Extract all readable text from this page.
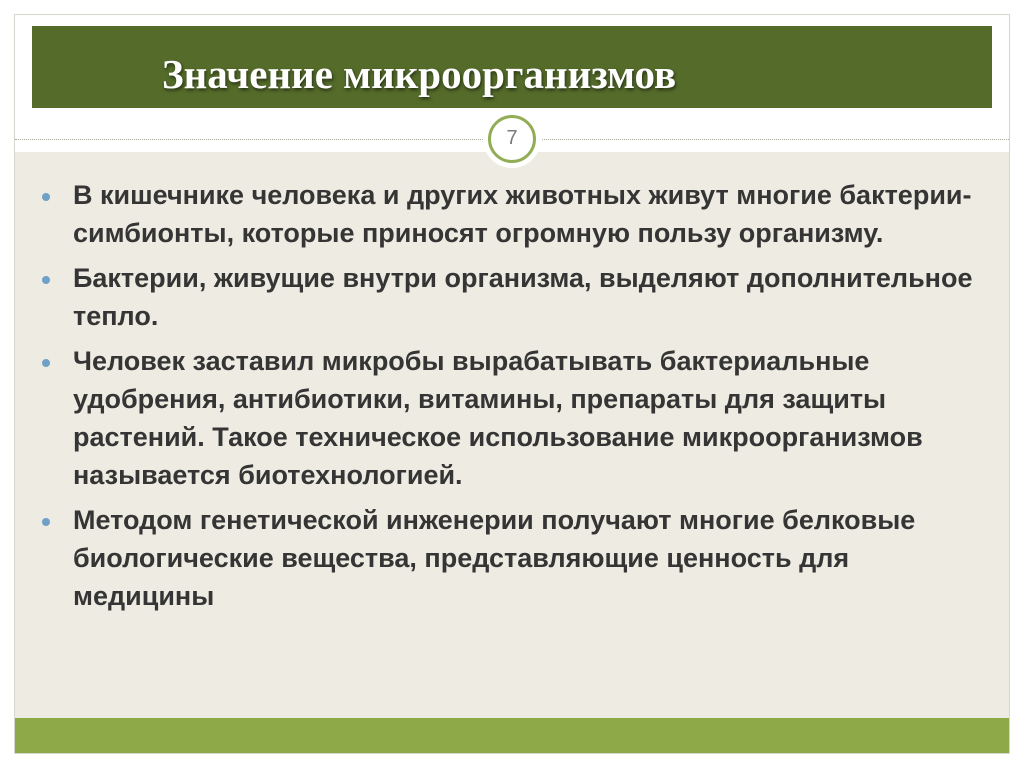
Значение микроорганизмов
7
В кишечнике человека и других животных живут многие бактерии-симбионты, которые приносят огромную пользу организму.
Бактерии, живущие внутри организма, выделяют дополнительное тепло.
Человек заставил микробы вырабатывать бактериальные удобрения, антибиотики, витамины, препараты для защиты растений. Такое техническое использование микроорганизмов называется биотехнологией.
Методом генетической инженерии получают многие белковые биологические вещества, представляющие ценность для медицины
